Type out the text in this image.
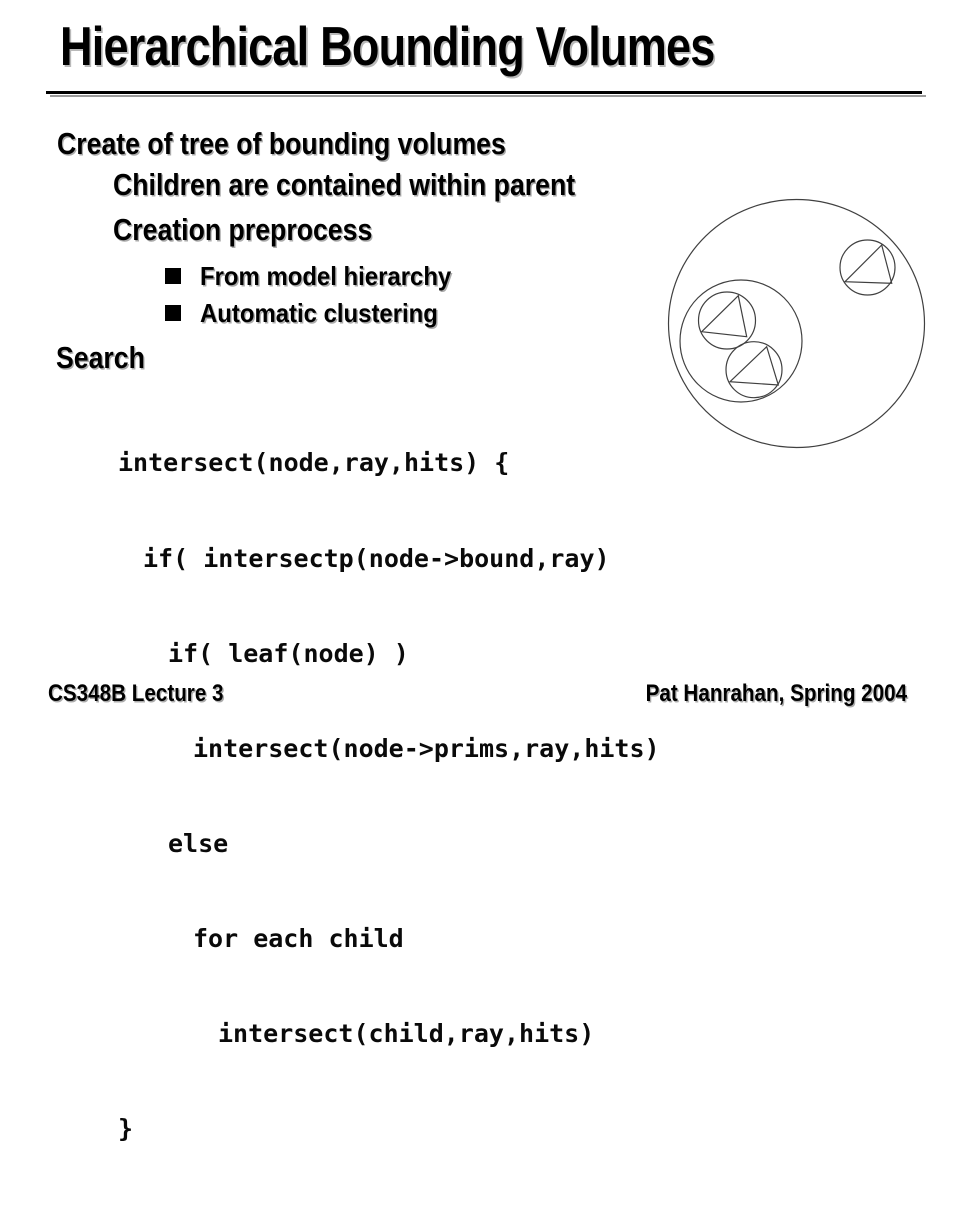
Hierarchical Bounding Volumes
Create of tree of bounding volumes
Children are contained within parent
Creation preprocess
From model hierarchy
Automatic clustering
Search

intersect(node,ray,hits) {

if( intersectp(node->bound,ray)

if( leaf(node) )

intersect(node->prims,ray,hits)

else

for each child

intersect(child,ray,hits)

}

CS348B Lecture 3	Pat Hanrahan, Spring 2004
